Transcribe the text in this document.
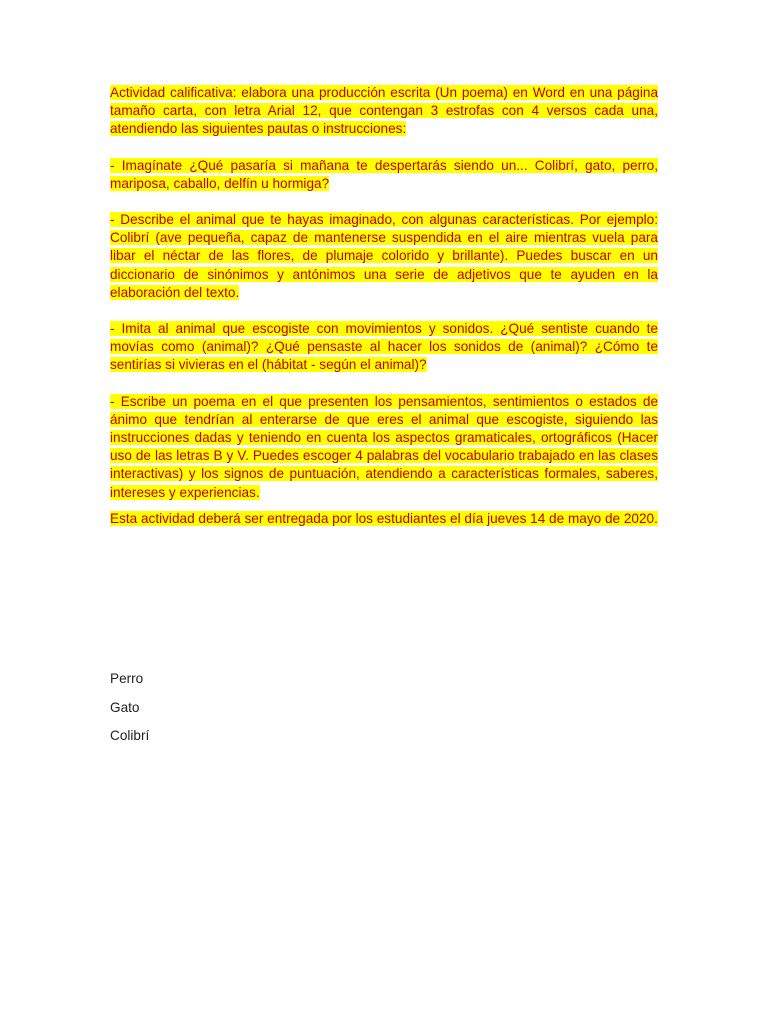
Actividad calificativa: elabora una producción escrita (Un poema) en Word en una página tamaño carta, con letra Arial 12, que contengan 3 estrofas con 4 versos cada una, atendiendo las siguientes pautas o instrucciones:

- Imagínate ¿Qué pasaría si mañana te despertarás siendo un... Colibrí, gato, perro, mariposa, caballo, delfín u hormiga?

- Describe el animal que te hayas imaginado, con algunas características. Por ejemplo: Colibrí (ave pequeña, capaz de mantenerse suspendida en el aire mientras vuela para libar el néctar de las flores, de plumaje colorido y brillante). Puedes buscar en un diccionario de sinónimos y antónimos una serie de adjetivos que te ayuden en la elaboración del texto.

- Imita al animal que escogiste con movimientos y sonidos. ¿Qué sentiste cuando te movías como (animal)? ¿Qué pensaste al hacer los sonidos de (animal)? ¿Cómo te sentirías si vivieras en el (hábitat - según el animal)?

- Escribe un poema en el que presenten los pensamientos, sentimientos o estados de ánimo que tendrían al enterarse de que eres el animal que escogiste, siguiendo las instrucciones dadas y teniendo en cuenta los aspectos gramaticales, ortográficos (Hacer uso de las letras B y V. Puedes escoger 4 palabras del vocabulario trabajado en las clases interactivas) y los signos de puntuación, atendiendo a características formales, saberes, intereses y experiencias.

Esta actividad deberá ser entregada por los estudiantes el día jueves 14 de mayo de 2020.

Perro
Gato
Colibrí
